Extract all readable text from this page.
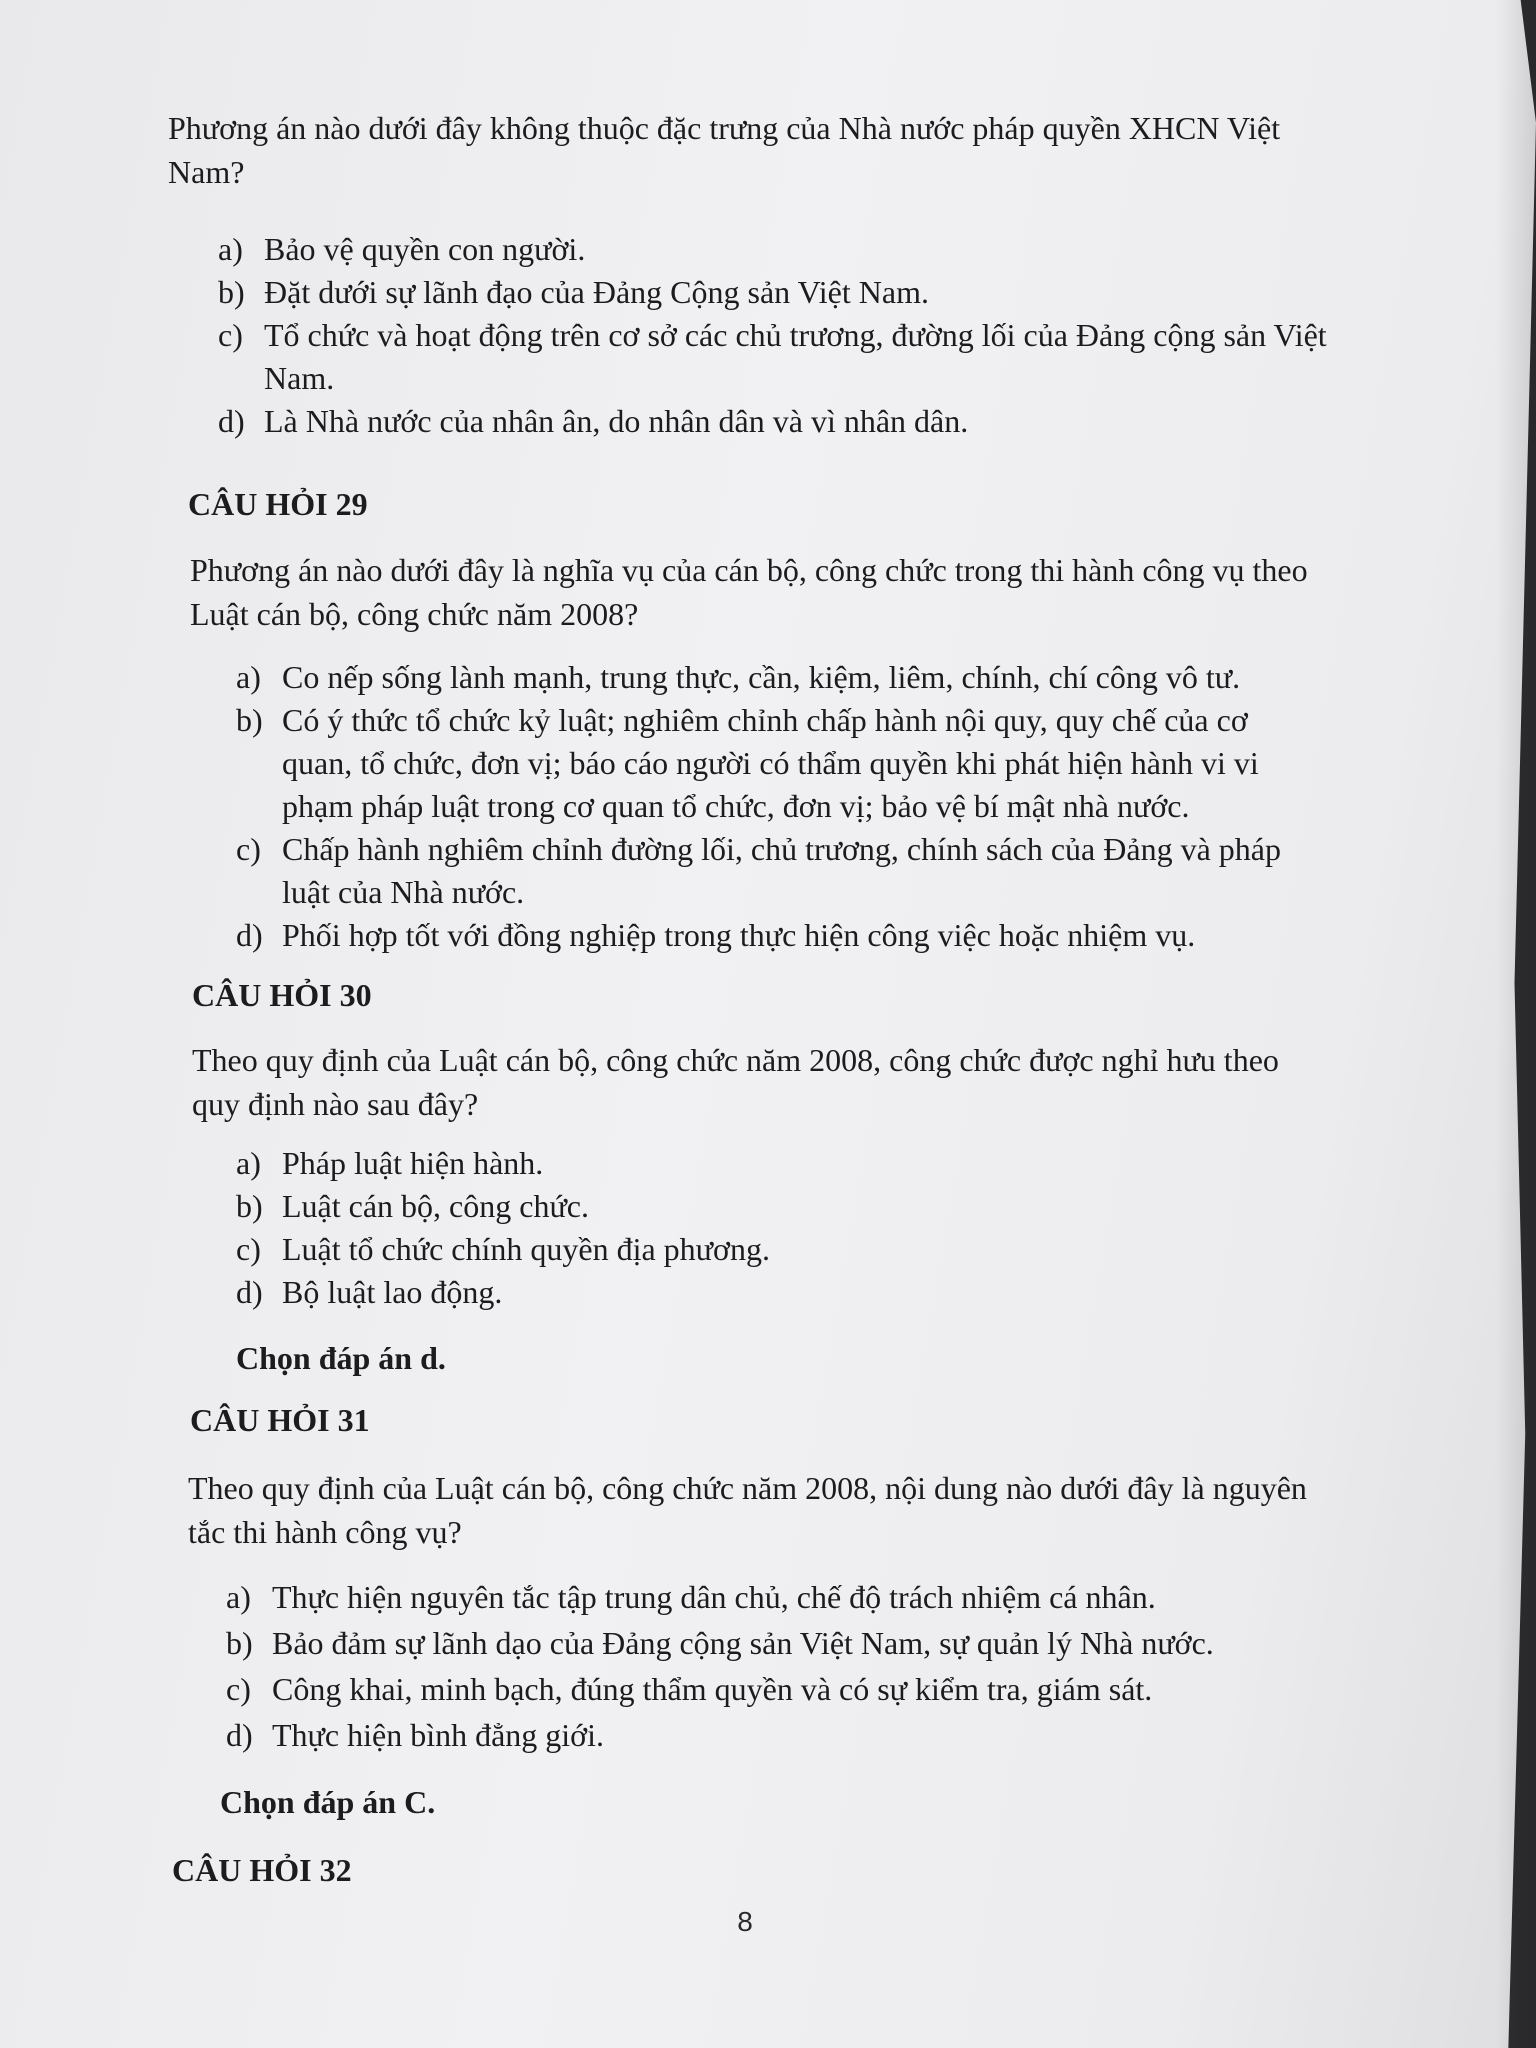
Phương án nào dưới đây không thuộc đặc trưng của Nhà nước pháp quyền XHCN Việt Nam?

a) Bảo vệ quyền con người.
b) Đặt dưới sự lãnh đạo của Đảng Cộng sản Việt Nam.
c) Tổ chức và hoạt động trên cơ sở các chủ trương, đường lối của Đảng cộng sản Việt Nam.
d) Là Nhà nước của nhân ân, do nhân dân và vì nhân dân.
CÂU HỎI 29

Phương án nào dưới đây là nghĩa vụ của cán bộ, công chức trong thi hành công vụ theo Luật cán bộ, công chức năm 2008?

a) Co nếp sống lành mạnh, trung thực, cần, kiệm, liêm, chính, chí công vô tư.
b) Có ý thức tổ chức kỷ luật; nghiêm chỉnh chấp hành nội quy, quy chế của cơ quan, tổ chức, đơn vị; báo cáo người có thẩm quyền khi phát hiện hành vi vi phạm pháp luật trong cơ quan tổ chức, đơn vị; bảo vệ bí mật nhà nước.
c) Chấp hành nghiêm chỉnh đường lối, chủ trương, chính sách của Đảng và pháp luật của Nhà nước.
d) Phối hợp tốt với đồng nghiệp trong thực hiện công việc hoặc nhiệm vụ.
CÂU HỎI 30

Theo quy định của Luật cán bộ, công chức năm 2008, công chức được nghỉ hưu theo quy định nào sau đây?

a) Pháp luật hiện hành.
b) Luật cán bộ, công chức.
c) Luật tổ chức chính quyền địa phương.
d) Bộ luật lao động.

Chọn đáp án d.

CÂU HỎI 31

Theo quy định của Luật cán bộ, công chức năm 2008, nội dung nào dưới đây là nguyên tắc thi hành công vụ?

a) Thực hiện nguyên tắc tập trung dân chủ, chế độ trách nhiệm cá nhân.
b) Bảo đảm sự lãnh dạo của Đảng cộng sản Việt Nam, sự quản lý Nhà nước.
c) Công khai, minh bạch, đúng thẩm quyền và có sự kiểm tra, giám sát.
d) Thực hiện bình đẳng giới.

Chọn đáp án C.

CÂU HỎI 32
8
